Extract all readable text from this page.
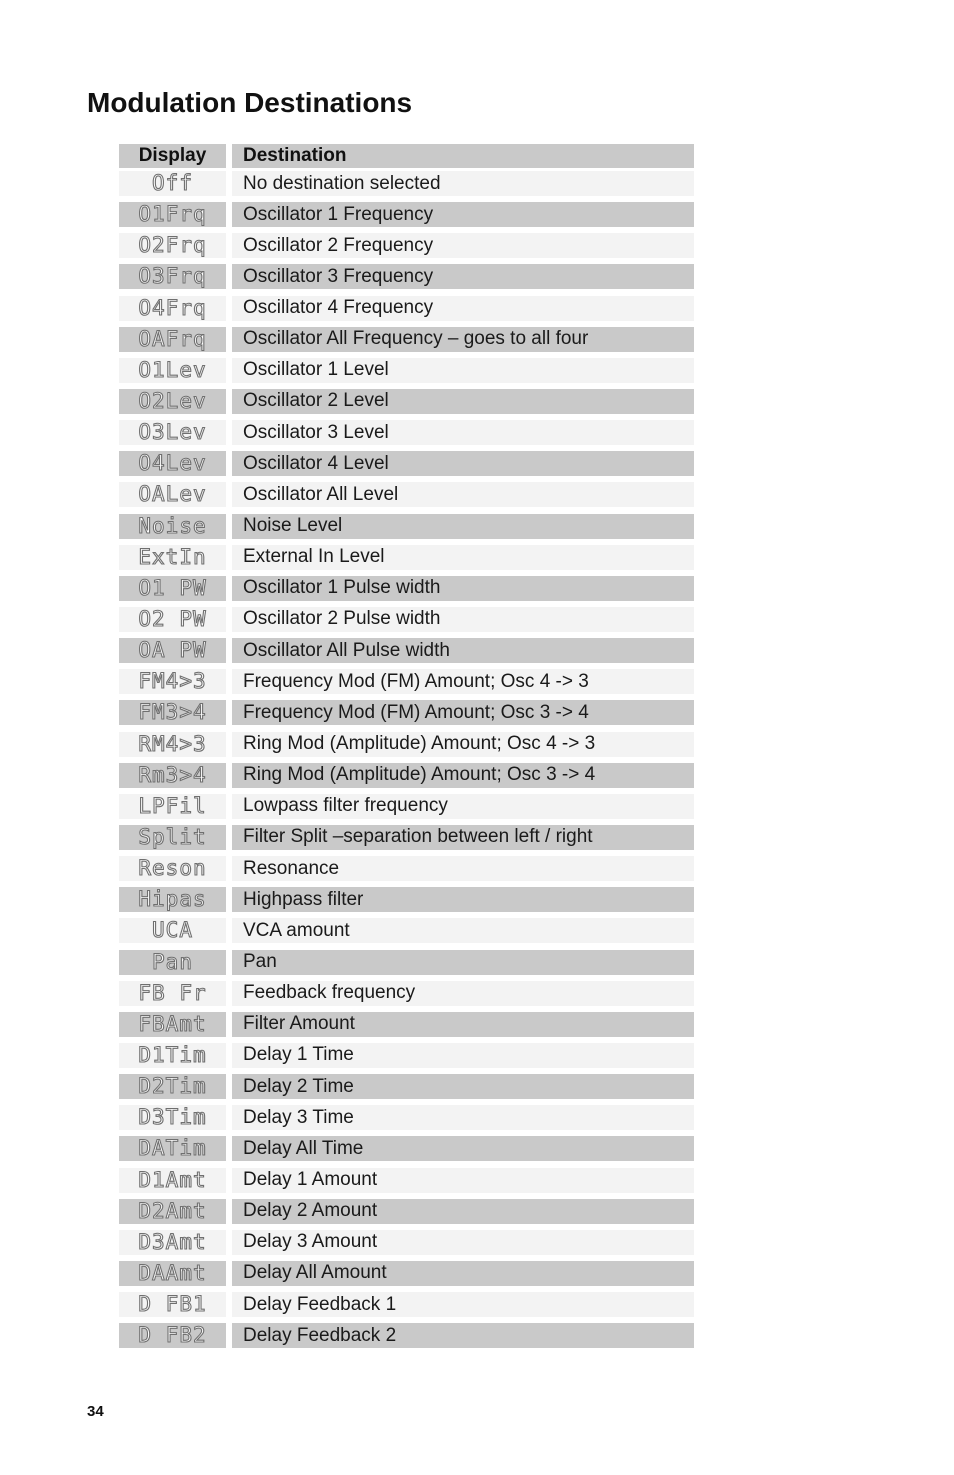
Modulation Destinations
Display	Destination
Off	No destination selected
O1Frq	Oscillator 1 Frequency
O2Frq	Oscillator 2 Frequency
O3Frq	Oscillator 3 Frequency
O4Frq	Oscillator 4 Frequency
OAFrq	Oscillator All Frequency – goes to all four
O1Lev	Oscillator 1 Level
O2Lev	Oscillator 2 Level
O3Lev	Oscillator 3 Level
O4Lev	Oscillator 4 Level
OALev	Oscillator All Level
Noise	Noise Level
ExtIn	External In Level
O1 PW	Oscillator 1 Pulse width
O2 PW	Oscillator 2 Pulse width
OA PW	Oscillator All Pulse width
FM4>3	Frequency Mod (FM) Amount; Osc 4 -> 3
FM3>4	Frequency Mod (FM) Amount; Osc 3 -> 4
RM4>3	Ring Mod (Amplitude) Amount; Osc 4 -> 3
Rm3>4	Ring Mod (Amplitude) Amount; Osc 3 -> 4
LPFil	Lowpass filter frequency
Split	Filter Split –separation between left / right
Reson	Resonance
Hipas	Highpass filter
UCA	VCA amount
Pan	Pan
FB Fr	Feedback frequency
FBAmt	Filter Amount
D1Tim	Delay 1 Time
D2Tim	Delay 2 Time
D3Tim	Delay 3 Time
DATim	Delay All Time
D1Amt	Delay 1 Amount
D2Amt	Delay 2 Amount
D3Amt	Delay 3 Amount
DAAmt	Delay All Amount
D FB1	Delay Feedback 1
D FB2	Delay Feedback 2
34
